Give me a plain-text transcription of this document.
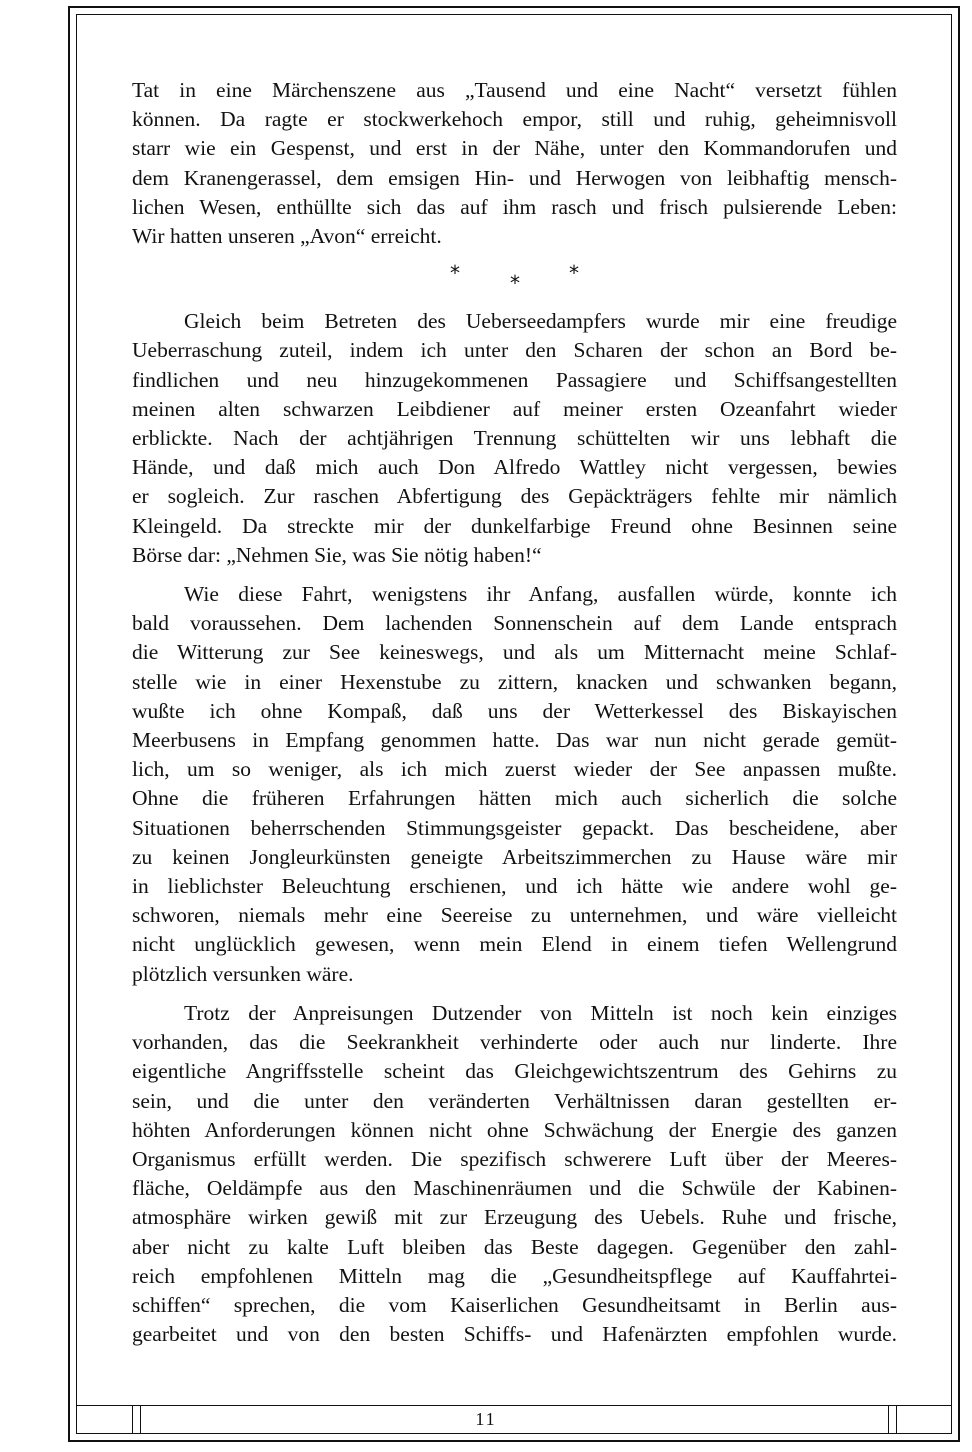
Tat in eine Märchenszene aus „Tausend und eine Nacht“ versetzt fühlen
können. Da ragte er stockwerkehoch empor, still und ruhig, geheimnisvoll
starr wie ein Gespenst, und erst in der Nähe, unter den Kommandorufen und
dem Kranengerassel, dem emsigen Hin- und Herwogen von leibhaftig mensch-
lichen Wesen, enthüllte sich das auf ihm rasch und frisch pulsierende Leben:
Wir hatten unseren „Avon“ erreicht.
*	* *
Gleich beim Betreten des Ueberseedampfers wurde mir eine freudige
Ueberraschung zuteil, indem ich unter den Scharen der schon an Bord be-
findlichen und neu hinzugekommenen Passagiere und Schiffsangestellten
meinen alten schwarzen Leibdiener auf meiner ersten Ozeanfahrt wieder
erblickte. Nach der achtjährigen Trennung schüttelten wir uns lebhaft die
Hände, und daß mich auch Don Alfredo Wattley nicht vergessen, bewies
er sogleich. Zur raschen Abfertigung des Gepäckträgers fehlte mir nämlich
Kleingeld. Da streckte mir der dunkelfarbige Freund ohne Besinnen seine
Börse dar: „Nehmen Sie, was Sie nötig haben!“
Wie diese Fahrt, wenigstens ihr Anfang, ausfallen würde, konnte ich
bald voraussehen. Dem lachenden Sonnenschein auf dem Lande entsprach
die Witterung zur See keineswegs, und als um Mitternacht meine Schlaf-
stelle wie in einer Hexenstube zu zittern, knacken und schwanken begann,
wußte ich ohne Kompaß, daß uns der Wetterkessel des Biskayischen
Meerbusens in Empfang genommen hatte. Das war nun nicht gerade gemüt-
lich, um so weniger, als ich mich zuerst wieder der See anpassen mußte.
Ohne die früheren Erfahrungen hätten mich auch sicherlich die solche
Situationen beherrschenden Stimmungsgeister gepackt. Das bescheidene, aber
zu keinen Jongleurkünsten geneigte Arbeitszimmerchen zu Hause wäre mir
in lieblichster Beleuchtung erschienen, und ich hätte wie andere wohl ge-
schworen, niemals mehr eine Seereise zu unternehmen, und wäre vielleicht
nicht unglücklich gewesen, wenn mein Elend in einem tiefen Wellengrund
plötzlich versunken wäre.
Trotz der Anpreisungen Dutzender von Mitteln ist noch kein einziges
vorhanden, das die Seekrankheit verhinderte oder auch nur linderte. Ihre
eigentliche Angriffsstelle scheint das Gleichgewichtszentrum des Gehirns zu
sein, und die unter den veränderten Verhältnissen daran gestellten er-
höhten Anforderungen können nicht ohne Schwächung der Energie des ganzen
Organismus erfüllt werden. Die spezifisch schwerere Luft über der Meeres-
fläche, Oeldämpfe aus den Maschinenräumen und die Schwüle der Kabinen-
atmosphäre wirken gewiß mit zur Erzeugung des Uebels. Ruhe und frische,
aber nicht zu kalte Luft bleiben das Beste dagegen. Gegenüber den zahl-
reich empfohlenen Mitteln mag die „Gesundheitspflege auf Kauffahrtei-
schiffen“ sprechen, die vom Kaiserlichen Gesundheitsamt in Berlin aus-
gearbeitet und von den besten Schiffs- und Hafenärzten empfohlen wurde.
11
